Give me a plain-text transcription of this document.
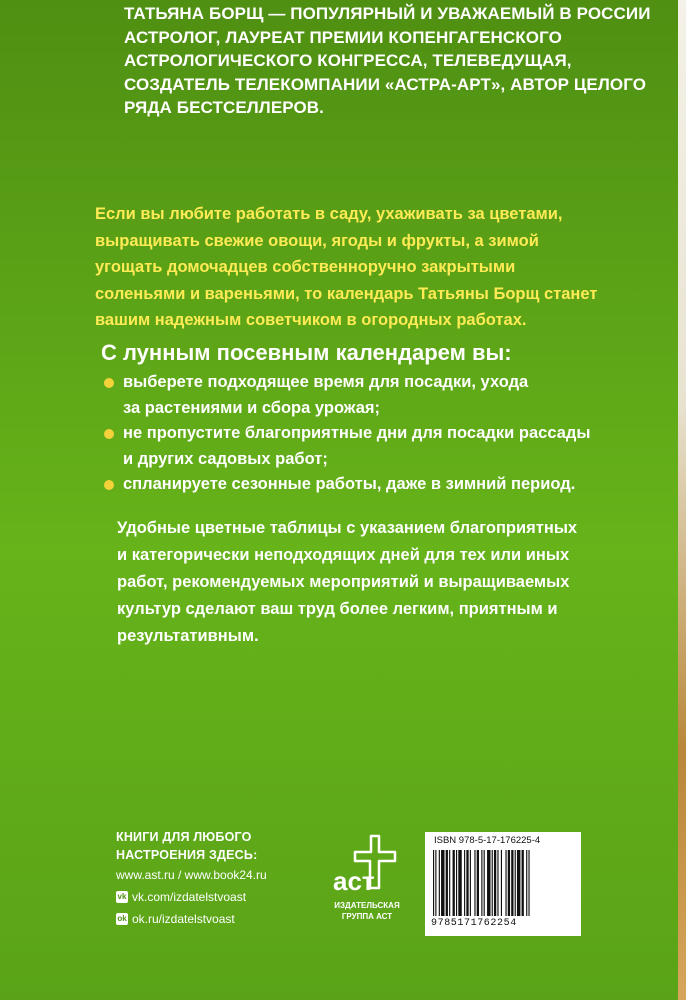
ТАТЬЯНА БОРЩ — ПОПУЛЯРНЫЙ И УВАЖАЕМЫЙ В РОССИИ
АСТРОЛОГ, ЛАУРЕАТ ПРЕМИИ КОПЕНГАГЕНСКОГО
АСТРОЛОГИЧЕСКОГО КОНГРЕССА, ТЕЛЕВЕДУЩАЯ,
СОЗДАТЕЛЬ ТЕЛЕКОМПАНИИ «АСТРА-АРТ», АВТОР ЦЕЛОГО
РЯДА БЕСТСЕЛЛЕРОВ.
Если вы любите работать в саду, ухаживать за цветами,
выращивать свежие овощи, ягоды и фрукты, а зимой
угощать домочадцев собственноручно закрытыми
соленьями и вареньями, то календарь Татьяны Борщ станет
вашим надежным советчиком в огородных работах.
С лунным посевным календарем вы:
выберете подходящее время для посадки, ухода
за растениями и сбора урожая;
не пропустите благоприятные дни для посадки рассады
и других садовых работ;
спланируете сезонные работы, даже в зимний период.
Удобные цветные таблицы с указанием благоприятных
и категорически неподходящих дней для тех или иных
работ, рекомендуемых мероприятий и выращиваемых
культур сделают ваш труд более легким, приятным и
результативным.
КНИГИ ДЛЯ ЛЮБОГО
НАСТРОЕНИЯ ЗДЕСЬ:
www.ast.ru / www.book24.ru
vk vk.com/izdatelstvoast
ok ok.ru/izdatelstvoast
аст
ИЗДАТЕЛЬСКАЯ
ГРУППА АСТ
ISBN 978-5-17-176225-4
9785171762254
